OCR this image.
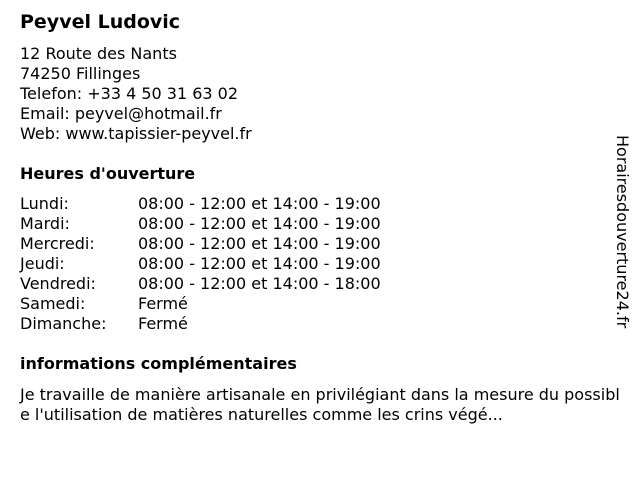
Peyvel Ludovic
12 Route des Nants
74250 Fillinges
Telefon: +33 4 50 31 63 02
Email: peyvel@hotmail.fr
Web: www.tapissier-peyvel.fr
Heures d'ouverture
Lundi:	08:00 - 12:00 et 14:00 - 19:00
Mardi:	08:00 - 12:00 et 14:00 - 19:00
Mercredi:	08:00 - 12:00 et 14:00 - 19:00
Jeudi:	08:00 - 12:00 et 14:00 - 19:00
Vendredi:	08:00 - 12:00 et 14:00 - 18:00
Samedi:	Fermé
Dimanche:	Fermé
informations complémentaires
Je travaille de manière artisanale en privilégiant dans la mesure du possible l'utilisation de matières naturelles comme les crins végé...
Horairesdouverture24.fr
